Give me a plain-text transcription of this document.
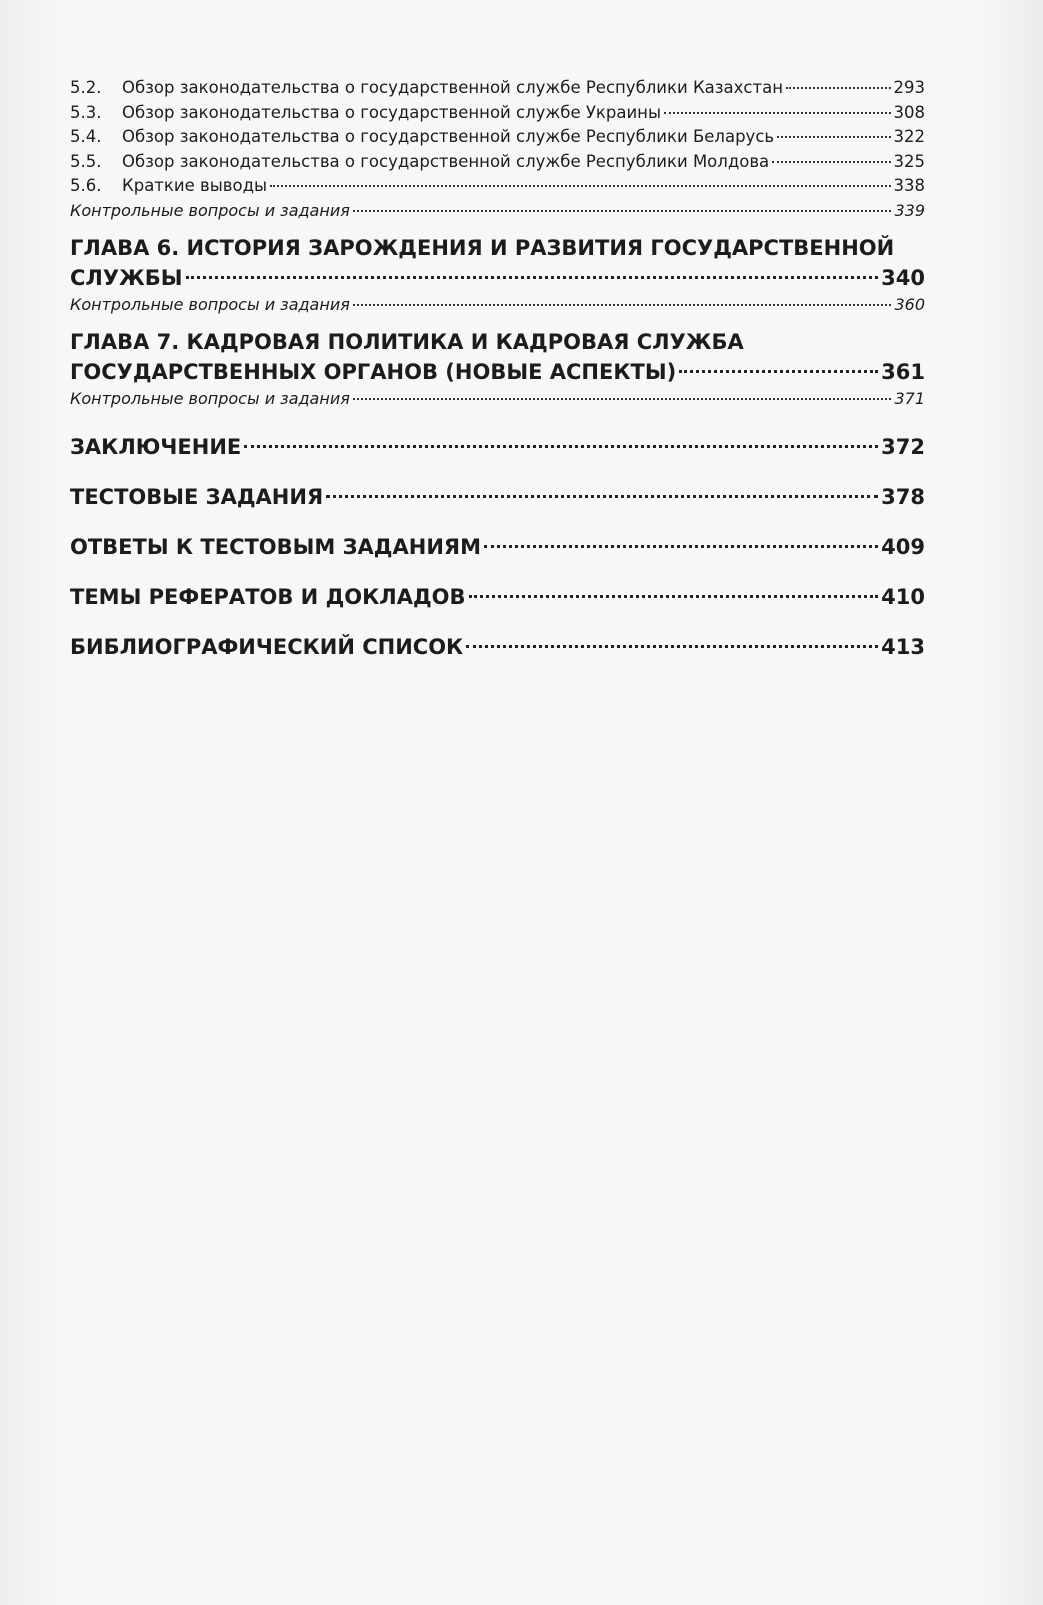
5.2.	Обзор законодательства о государственной службе Республики Казахстан	293
5.3.	Обзор законодательства о государственной службе Украины	308
5.4.	Обзор законодательства о государственной службе Республики Беларусь	322
5.5.	Обзор законодательства о государственной службе Республики Молдова	325
5.6.	Краткие выводы	338
Контрольные вопросы и задания	339
ГЛАВА 6. ИСТОРИЯ ЗАРОЖДЕНИЯ И РАЗВИТИЯ ГОСУДАРСТВЕННОЙ
СЛУЖБЫ	340
Контрольные вопросы и задания	360
ГЛАВА 7. КАДРОВАЯ ПОЛИТИКА И КАДРОВАЯ СЛУЖБА
ГОСУДАРСТВЕННЫХ ОРГАНОВ (НОВЫЕ АСПЕКТЫ)	361
Контрольные вопросы и задания	371
ЗАКЛЮЧЕНИЕ	372
ТЕСТОВЫЕ ЗАДАНИЯ	378
ОТВЕТЫ К ТЕСТОВЫМ ЗАДАНИЯМ	409
ТЕМЫ РЕФЕРАТОВ И ДОКЛАДОВ	410
БИБЛИОГРАФИЧЕСКИЙ СПИСОК	413
